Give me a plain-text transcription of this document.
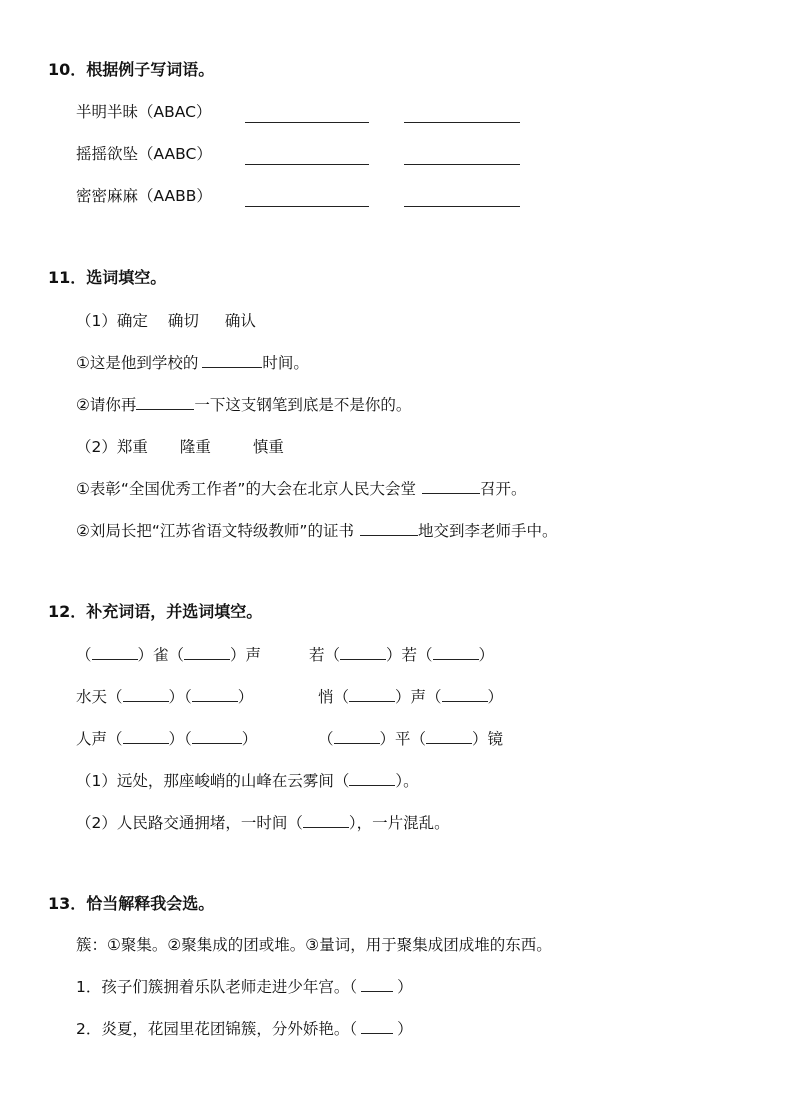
10．根据例子写词语。
半明半昧（ABAC）
摇摇欲坠（AABC）
密密麻麻（AABB）
11．选词填空。
（1）确定 确切 确认
①这是他到学校的	时间。
②请你再	一下这支钢笔到底是不是你的。
（2）郑重 隆重	慎重
①表彰“全国优秀工作者”的大会在北京人民大会堂	召开。
②刘局长把“江苏省语文特级教师”的证书	地交到李老师手中。
12．补充词语，并选词填空。
（	）雀（	）声	若（	）若（	）
水天（	）（	）	悄（	）声（	）
人声（	）（	）	（	）平（	）镜
（1）远处，那座峻峭的山峰在云雾间（	）。
（2）人民路交通拥堵，一时间（	），一片混乱。
13．恰当解释我会选。
簇：①聚集。②聚集成的团或堆。③量词，用于聚集成团成堆的东西。
1．孩子们簇拥着乐队老师走进少年宫。（	）
2．炎夏，花园里花团锦簇，分外娇艳。（	）
